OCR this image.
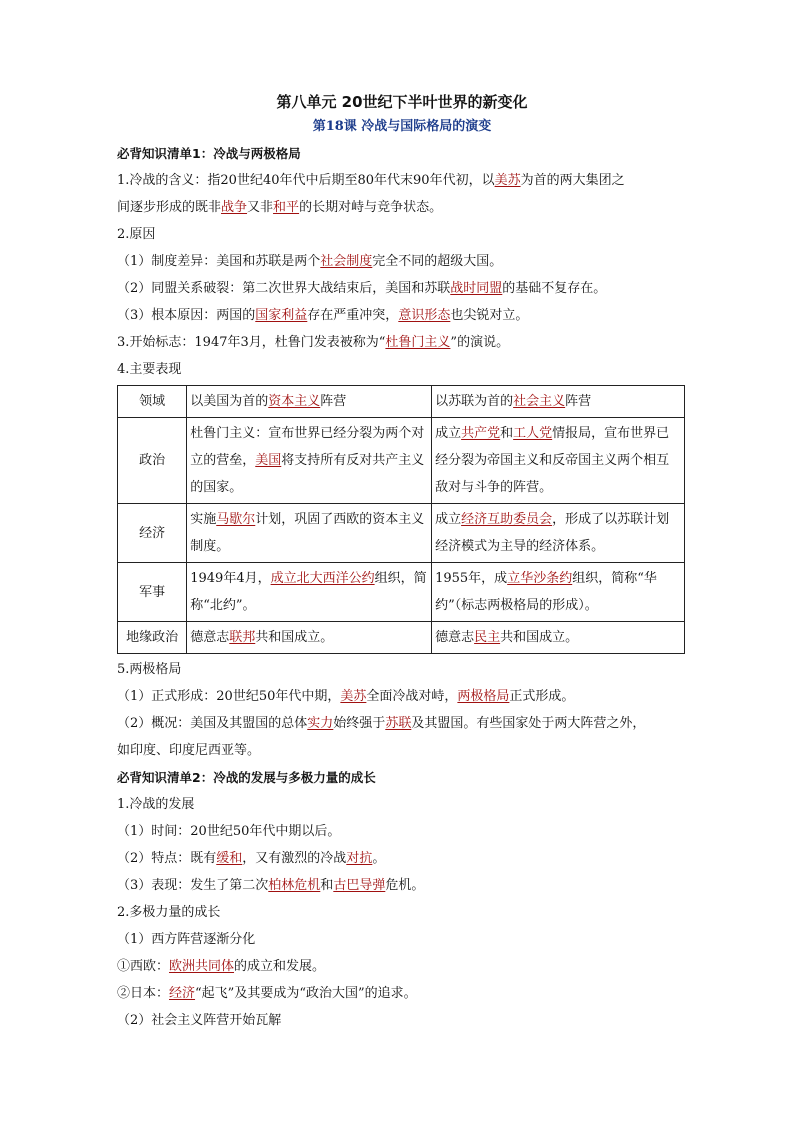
第八单元 20世纪下半叶世界的新变化
第18课 冷战与国际格局的演变
必背知识清单1：冷战与两极格局
1.冷战的含义：指20世纪40年代中后期至80年代末90年代初，以美苏为首的两大集团之
间逐步形成的既非战争又非和平的长期对峙与竞争状态。
2.原因
（1）制度差异：美国和苏联是两个社会制度完全不同的超级大国。
（2）同盟关系破裂：第二次世界大战结束后，美国和苏联战时同盟的基础不复存在。
（3）根本原因：两国的国家利益存在严重冲突，意识形态也尖锐对立。
3.开始标志：1947年3月，杜鲁门发表被称为“杜鲁门主义”的演说。
4.主要表现
领域	以美国为首的资本主义阵营	以苏联为首的社会主义阵营
政治	杜鲁门主义：宣布世界已经分裂为两个对立的营垒，美国将支持所有反对共产主义的国家。	成立共产党和工人党情报局，宣布世界已经分裂为帝国主义和反帝国主义两个相互敌对与斗争的阵营。
经济	实施马歇尔计划，巩固了西欧的资本主义制度。	成立经济互助委员会，形成了以苏联计划经济模式为主导的经济体系。
军事	1949年4月，成立北大西洋公约组织，简称“北约”。	1955年，成立华沙条约组织，简称“华约”（标志两极格局的形成）。
地缘政治	德意志联邦共和国成立。	德意志民主共和国成立。
5.两极格局
（1）正式形成：20世纪50年代中期，美苏全面冷战对峙，两极格局正式形成。
（2）概况：美国及其盟国的总体实力始终强于苏联及其盟国。有些国家处于两大阵营之外，
如印度、印度尼西亚等。
必背知识清单2：冷战的发展与多极力量的成长
1.冷战的发展
（1）时间：20世纪50年代中期以后。
（2）特点：既有缓和，又有激烈的冷战对抗。
（3）表现：发生了第二次柏林危机和古巴导弹危机。
2.多极力量的成长
（1）西方阵营逐渐分化
①西欧：欧洲共同体的成立和发展。
②日本：经济“起飞”及其要成为“政治大国”的追求。
（2）社会主义阵营开始瓦解
